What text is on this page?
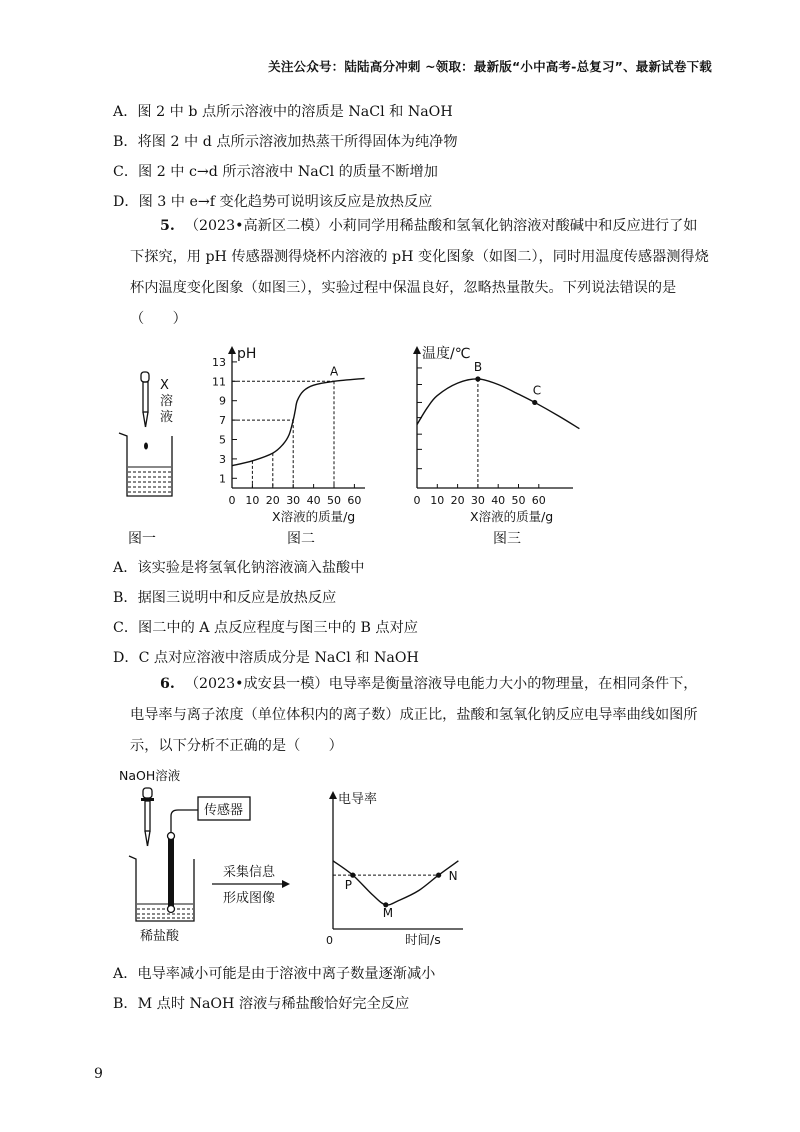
关注公众号：陆陆高分冲刺 ~领取：最新版“小中高考-总复习”、最新试卷下载
A．图 2 中 b 点所示溶液中的溶质是 NaCl 和 NaOH
B．将图 2 中 d 点所示溶液加热蒸干所得固体为纯净物
C．图 2 中 c→d 所示溶液中 NaCl 的质量不断增加
D．图 3 中 e→f 变化趋势可说明该反应是放热反应
5. （2023•高新区二模）小莉同学用稀盐酸和氢氧化钠溶液对酸碱中和反应进行了如下探究，用 pH 传感器测得烧杯内溶液的 pH 变化图象（如图二），同时用温度传感器测得烧杯内温度变化图象（如图三），实验过程中保温良好，忽略热量散失。下列说法错误的是（　　）
X
溶
液
图一
pH
X溶液的质量/g
图二
0 10 20 30 40 50 60
1
3
5
7
9
11
13
A
温度/℃
X溶液的质量/g
图三
0 10 20 30 40 50 60
B
C
NaOH溶液
传感器
采集信息
形成图像
稀盐酸
电导率
时间/s
0
P
M
N
A．该实验是将氢氧化钠溶液滴入盐酸中
B．据图三说明中和反应是放热反应
C．图二中的 A 点反应程度与图三中的 B 点对应
D．C 点对应溶液中溶质成分是 NaCl 和 NaOH
6. （2023•成安县一模）电导率是衡量溶液导电能力大小的物理量，在相同条件下，电导率与离子浓度（单位体积内的离子数）成正比，盐酸和氢氧化钠反应电导率曲线如图所示，以下分析不正确的是（　　）
A．电导率减小可能是由于溶液中离子数量逐渐减小
B．M 点时 NaOH 溶液与稀盐酸恰好完全反应
9
